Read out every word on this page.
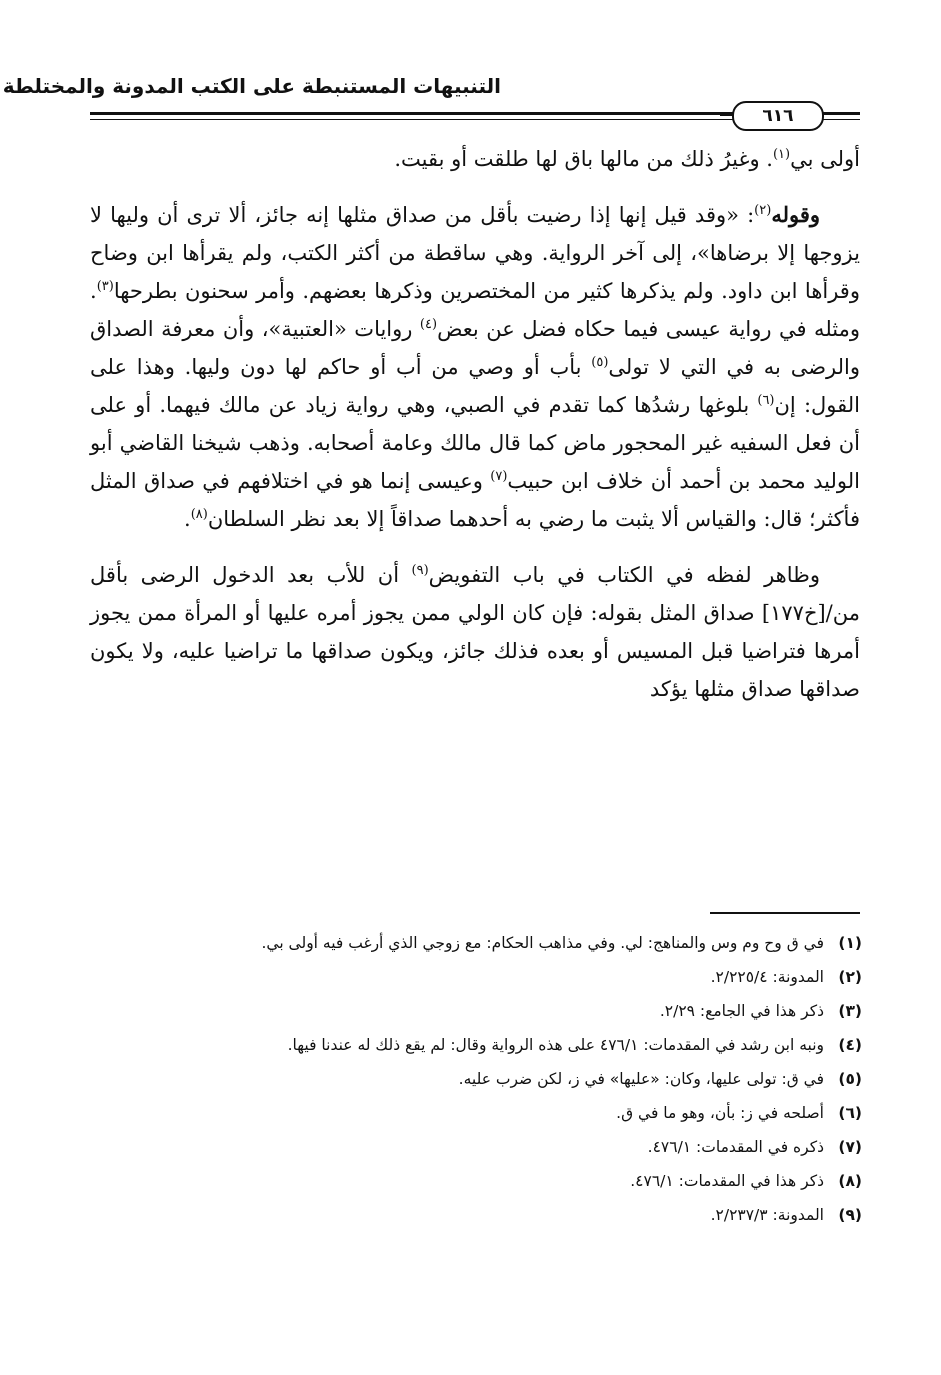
التنبيهات المستنبطة على الكتب المدونة والمختلطة
٦١٦

أولى بي$^{(١)}$. وغيرُ ذلك من مالها باق لها طلقت أو بقيت.

وقوله$^{(٢)}$: «وقد قيل إنها إذا رضيت بأقل من صداق مثلها إنه جائز، ألا ترى أن وليها لا يزوجها إلا برضاها»، إلى آخر الرواية. وهي ساقطة من أكثر الكتب، ولم يقرأها ابن وضاح وقرأها ابن داود. ولم يذكرها كثير من المختصرين وذكرها بعضهم. وأمر سحنون بطرحها$^{(٣)}$. ومثله في رواية عيسى فيما حكاه فضل عن بعض$^{(٤)}$ روايات «العتبية»، وأن معرفة الصداق والرضى به في التي لا تولى$^{(٥)}$ بأب أو وصي من أب أو حاكم لها دون وليها. وهذا على القول: إن$^{(٦)}$ بلوغها رشدُها كما تقدم في الصبي، وهي رواية زياد عن مالك فيهما. أو على أن فعل السفيه غير المحجور ماض كما قال مالك وعامة أصحابه. وذهب شيخنا القاضي أبو الوليد محمد بن أحمد أن خلاف ابن حبيب$^{(٧)}$ وعيسى إنما هو في اختلافهم في صداق المثل فأكثر؛ قال: والقياس ألا يثبت ما رضي به أحدهما صداقاً إلا بعد نظر السلطان$^{(٨)}$.

وظاهر لفظه في الكتاب في باب التفويض$^{(٩)}$ أن للأب بعد الدخول الرضى بأقل من/[خ١٧٧] صداق المثل بقوله: فإن كان الولي ممن يجوز أمره عليها أو المرأة ممن يجوز أمرها فتراضيا قبل المسيس أو بعده فذلك جائز، ويكون صداقها ما تراضيا عليه، ولا يكون صداقها صداق مثلها يؤكد

(١)
في ق وح وم وس والمناهج: لي. وفي مذاهب الحكام: مع زوجي الذي أرغب فيه أولى بي.
(٢)
المدونة: ٢/٢٢٥/٤.
(٣)
ذكر هذا في الجامع: ٢/٢٩.
(٤)
ونبه ابن رشد في المقدمات: ٤٧٦/١ على هذه الرواية وقال: لم يقع ذلك له عندنا فيها.
(٥)
في ق: تولى عليها، وكان: «عليها» في ز، لكن ضرب عليه.
(٦)
أصلحه في ز: بأن، وهو ما في ق.
(٧)
ذكره في المقدمات: ٤٧٦/١.
(٨)
ذكر هذا في المقدمات: ٤٧٦/١.
(٩)
المدونة: ٢/٢٣٧/٣.
